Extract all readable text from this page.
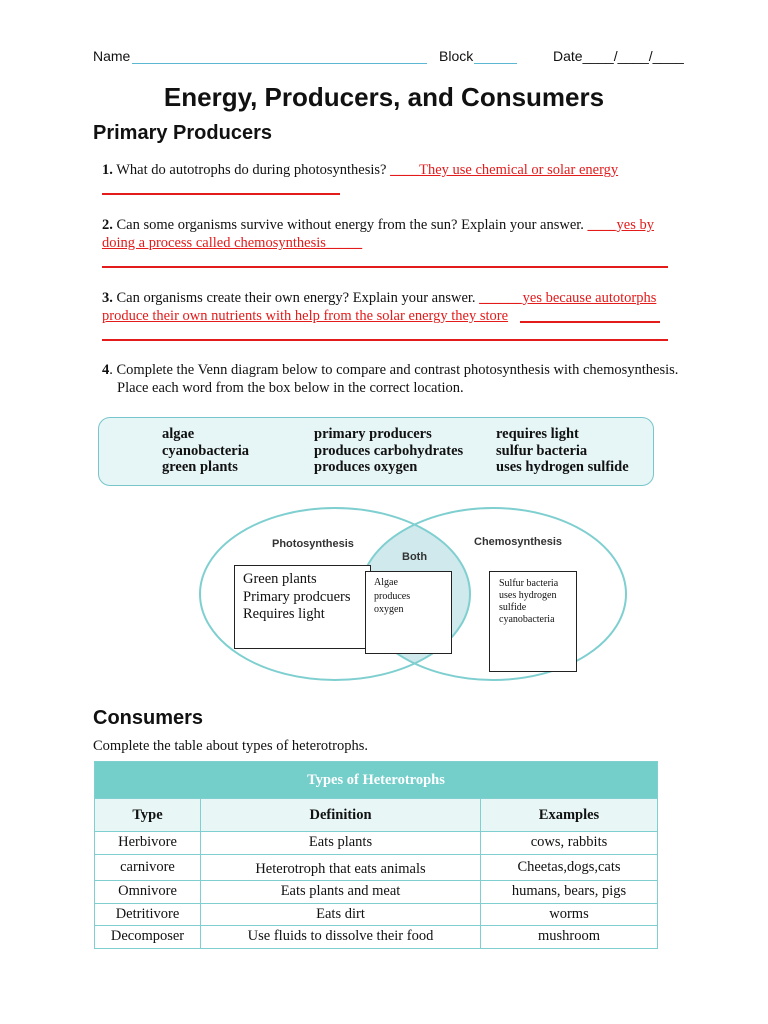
Name	Block	Date____/____/____
Energy, Producers, and Consumers
Primary Producers
1. What do autotrophs do during photosynthesis? ____They use chemical or solar energy
2. Can some organisms survive without energy from the sun? Explain your answer. ____yes by
doing a process called chemosynthesis_____
3. Can organisms create their own energy? Explain your answer. ______yes because autotorphs
produce their own nutrients with help from the solar energy they store
4. Complete the Venn diagram below to compare and contrast photosynthesis with chemosynthesis.
Place each word from the box below in the correct location.
algae
cyanobacteria
green plants
primary producers
produces carbohydrates
produces oxygen
requires light
sulfur bacteria
uses hydrogen sulfide
Photosynthesis	Chemosynthesis
Both
Green plants
Primary prodcuers
Requires light
Algae
produces
oxygen
Sulfur bacteria
uses hydrogen
sulfide
cyanobacteria
Consumers
Complete the table about types of heterotrophs.
Types of Heterotrophs		
Type	Definition	Examples
Herbivore	Eats plants	cows, rabbits
carnivore	Heterotroph that eats animals	Cheetas,dogs,cats
Omnivore	Eats plants and meat	humans, bears, pigs
Detritivore	Eats dirt	worms
Decomposer	Use fluids to dissolve their food	mushroom
